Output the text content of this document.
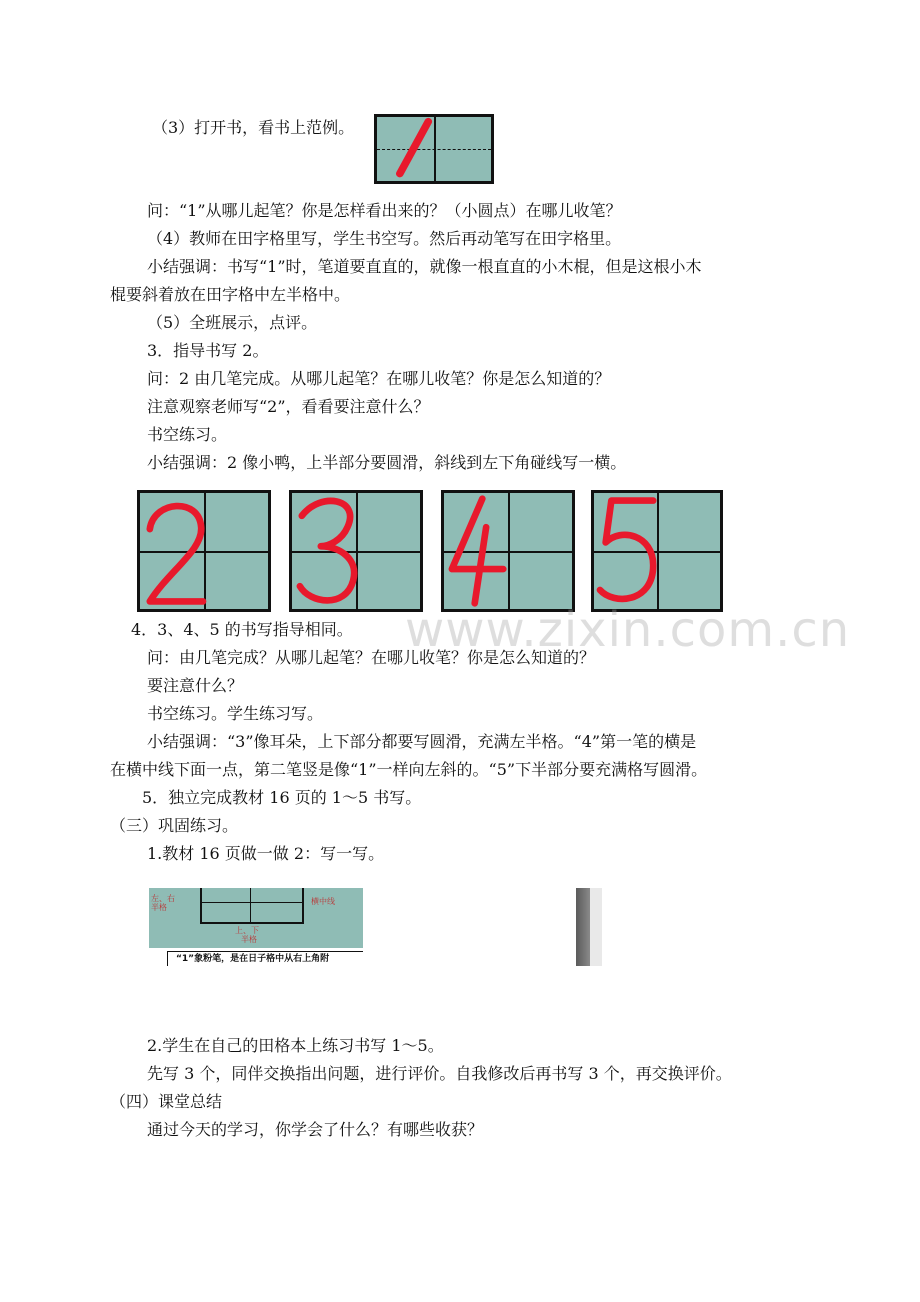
（3）打开书，看书上范例。
问：“1”从哪儿起笔？你是怎样看出来的？（小圆点）在哪儿收笔？
（4）教师在田字格里写，学生书空写。然后再动笔写在田字格里。
小结强调：书写“1”时，笔道要直直的，就像一根直直的小木棍，但是这根小木
棍要斜着放在田字格中左半格中。
（5）全班展示，点评。
3．指导书写 2。
问：2 由几笔完成。从哪儿起笔？在哪儿收笔？你是怎么知道的？
注意观察老师写“2”，看看要注意什么？
书空练习。
小结强调：2 像小鸭，上半部分要圆滑，斜线到左下角碰线写一横。
4．3、4、5 的书写指导相同。
问：由几笔完成？从哪儿起笔？在哪儿收笔？你是怎么知道的？
要注意什么？
书空练习。学生练习写。
小结强调：“3”像耳朵，上下部分都要写圆滑，充满左半格。“4”第一笔的横是
在横中线下面一点，第二笔竖是像“1”一样向左斜的。“5”下半部分要充满格写圆滑。
5．独立完成教材 16 页的 1～5 书写。
（三）巩固练习。
1.教材 16 页做一做 2：写一写。
2.学生在自己的田格本上练习书写 1～5。
先写 3 个，同伴交换指出问题，进行评价。自我修改后再书写 3 个，再交换评价。
（四）课堂总结
通过今天的学习，你学会了什么？有哪些收获？
www.zixin.com.cn
左、右
半格
横中线
上、下
半格
“1”象粉笔，是在日子格中从右上角附
